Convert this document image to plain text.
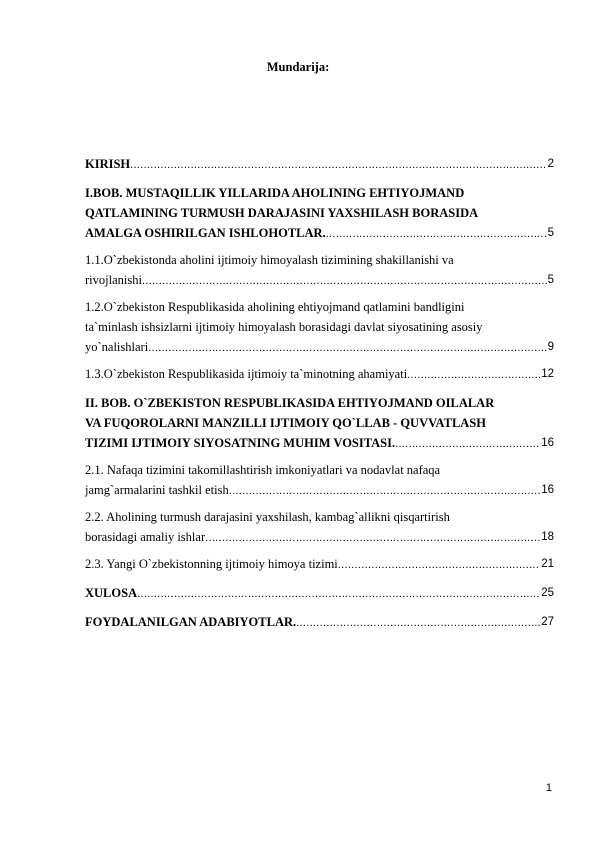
Mundarija:
KIRISH .....	2
I.BOB. MUSTAQILLIK YILLARIDA AHOLINING EHTIYOJMAND
QATLAMINING TURMUSH DARAJASINI YAXSHILASH BORASIDA
AMALGA OSHIRILGAN ISHLOHOTLAR. .....	5
1.1.O`zbekistonda aholini ijtimoiy himoyalash tizimining shakillanishi va
rivojlanishi .....	5
1.2.O`zbekiston Respublikasida aholining ehtiyojmand qatlamini bandligini
ta`minlash ishsizlarni ijtimoiy himoyalash borasidagi davlat siyosatining asosiy
yo`nalishlari .....	9
1.3.O`zbekiston Respublikasida ijtimoiy ta`minotning ahamiyati .....	12
II. BOB. O`ZBEKISTON RESPUBLIKASIDA EHTIYOJMAND OILALAR
VA FUQOROLARNI MANZILLI IJTIMOIY QO`LLAB - QUVVATLASH
TIZIMI IJTIMOIY SIYOSATNING MUHIM VOSITASI. .....	16
2.1. Nafaqa tizimini takomillashtirish imkoniyatlari va nodavlat nafaqa
jamg`armalarini tashkil etish .....	16
2.2. Aholining turmush darajasini yaxshilash, kambag`allikni qisqartirish
borasidagi amaliy ishlar .....	18
2.3. Yangi O`zbekistonning ijtimoiy himoya tizimi .....	21
XULOSA .....	25
FOYDALANILGAN ADABIYOTLAR. .....	27
1
